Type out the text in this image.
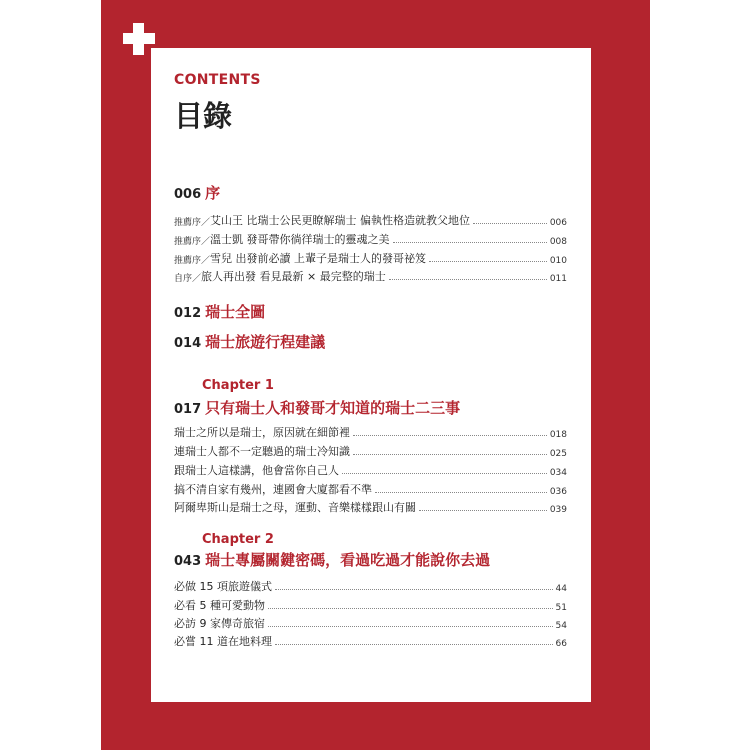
CONTENTS
目錄
006 序
推薦序／ 艾山王 比瑞士公民更瞭解瑞士 偏執性格造就教父地位	006
推薦序／ 溫士凱 發哥帶你徜徉瑞士的靈魂之美	008
推薦序／ 雪兒 出發前必讀 上輩子是瑞士人的發哥祕笈	010
自序／ 旅人再出發 看見最新 × 最完整的瑞士	011
012 瑞士全圖
014 瑞士旅遊行程建議
Chapter 1
017 只有瑞士人和發哥才知道的瑞士二三事
瑞士之所以是瑞士，原因就在細節裡	018
連瑞士人都不一定聽過的瑞士冷知識	025
跟瑞士人這樣講，他會當你自己人	034
搞不清自家有幾州，連國會大廈都看不準	036
阿爾卑斯山是瑞士之母，運動、音樂樣樣跟山有關	039
Chapter 2
043 瑞士專屬關鍵密碼，看過吃過才能說你去過
必做 15 項旅遊儀式	44
必看 5 種可愛動物	51
必訪 9 家傳奇旅宿	54
必嘗 11 道在地料理	66
